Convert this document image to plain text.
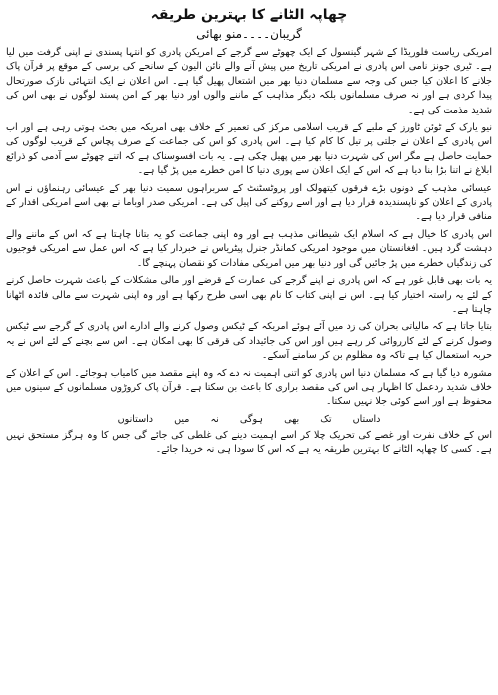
چھاپہ الٹانے کا بہترین طریقہ
گریبان۔۔۔۔منو بھائی

امریکی ریاست فلوریڈا کے شہر گینسول کے ایک چھوٹے سے گرجے کے امریکن پادری کو انتہا پسندی نے اپنی گرفت میں لیا ہے۔ ٹیری جونز نامی اس پادری نے امریکی تاریخ میں پیش آنے والے نائن الیون کے سانحے کی برسی کے موقع پر قرآن پاک جلانے کا اعلان کیا جس کی وجہ سے مسلمان دنیا بھر میں اشتعال پھیل گیا ہے۔ اس اعلان نے ایک انتہائی نازک صورتحال پیدا کردی ہے اور نہ صرف مسلمانوں بلکہ دیگر مذاہب کے ماننے والوں اور دنیا بھر کے امن پسند لوگوں نے بھی اس کی شدید مذمت کی ہے۔

نیو یارک کے ٹوئن ٹاورز کے ملبے کے قریب اسلامی مرکز کی تعمیر کے خلاف بھی امریکہ میں بحث ہوتی رہی ہے اور اب اس پادری کے اعلان نے جلتی پر تیل کا کام کیا ہے۔ اس پادری کو اس کی جماعت کے صرف پچاس کے قریب لوگوں کی حمایت حاصل ہے مگر اس کی شہرت دنیا بھر میں پھیل چکی ہے۔ یہ بات افسوسناک ہے کہ اتنے چھوٹے سے آدمی کو ذرائع ابلاغ نے اتنا بڑا بنا دیا ہے کہ اس کے ایک اعلان سے پوری دنیا کا امن خطرے میں پڑ گیا ہے۔

عیسائی مذہب کے دونوں بڑے فرقوں کیتھولک اور پروٹسٹنٹ کے سربراہوں سمیت دنیا بھر کے عیسائی رہنماؤں نے اس پادری کے اعلان کو ناپسندیدہ قرار دیا ہے اور اسے روکنے کی اپیل کی ہے۔ امریکی صدر اوباما نے بھی اسے امریکی اقدار کے منافی قرار دیا ہے۔

اس پادری کا خیال ہے کہ اسلام ایک شیطانی مذہب ہے اور وہ اپنی جماعت کو یہ بتانا چاہتا ہے کہ اس کے ماننے والے دہشت گرد ہیں۔ افغانستان میں موجود امریکی کمانڈر جنرل پیٹریاس نے خبردار کیا ہے کہ اس عمل سے امریکی فوجیوں کی زندگیاں خطرے میں پڑ جائیں گی اور دنیا بھر میں امریکی مفادات کو نقصان پہنچے گا۔

یہ بات بھی قابل غور ہے کہ اس پادری نے اپنے گرجے کی عمارت کے قرضے اور مالی مشکلات کے باعث شہرت حاصل کرنے کے لئے یہ راستہ اختیار کیا ہے۔ اس نے اپنی کتاب کا نام بھی اسی طرح رکھا ہے اور وہ اپنی شہرت سے مالی فائدہ اٹھانا چاہتا ہے۔

بتایا جاتا ہے کہ مالیاتی بحران کی زد میں آئے ہوئے امریکہ کے ٹیکس وصول کرنے والے ادارے اس پادری کے گرجے سے ٹیکس وصول کرنے کے لئے کارروائی کر رہے ہیں اور اس کی جائیداد کی قرقی کا بھی امکان ہے۔ اس سے بچنے کے لئے اس نے یہ حربہ استعمال کیا ہے تاکہ وہ مظلوم بن کر سامنے آسکے۔

مشورہ دیا گیا ہے کہ مسلمان دنیا اس پادری کو اتنی اہمیت نہ دے کہ وہ اپنے مقصد میں کامیاب ہوجائے۔ اس کے اعلان کے خلاف شدید ردعمل کا اظہار ہی اس کی مقصد براری کا باعث بن سکتا ہے۔ قرآن پاک کروڑوں مسلمانوں کے سینوں میں محفوظ ہے اور اسے کوئی جلا نہیں سکتا۔

داستاں تک بھی ہوگی نہ میں داستانوں

اس کے خلاف نفرت اور غصے کی تحریک چلا کر اسے اہمیت دینے کی غلطی کی جائے گی جس کا وہ ہرگز مستحق نہیں ہے۔ کسی کا چھاپہ الٹانے کا بہترین طریقہ یہ ہے کہ اس کا سودا ہی نہ خریدا جائے۔
